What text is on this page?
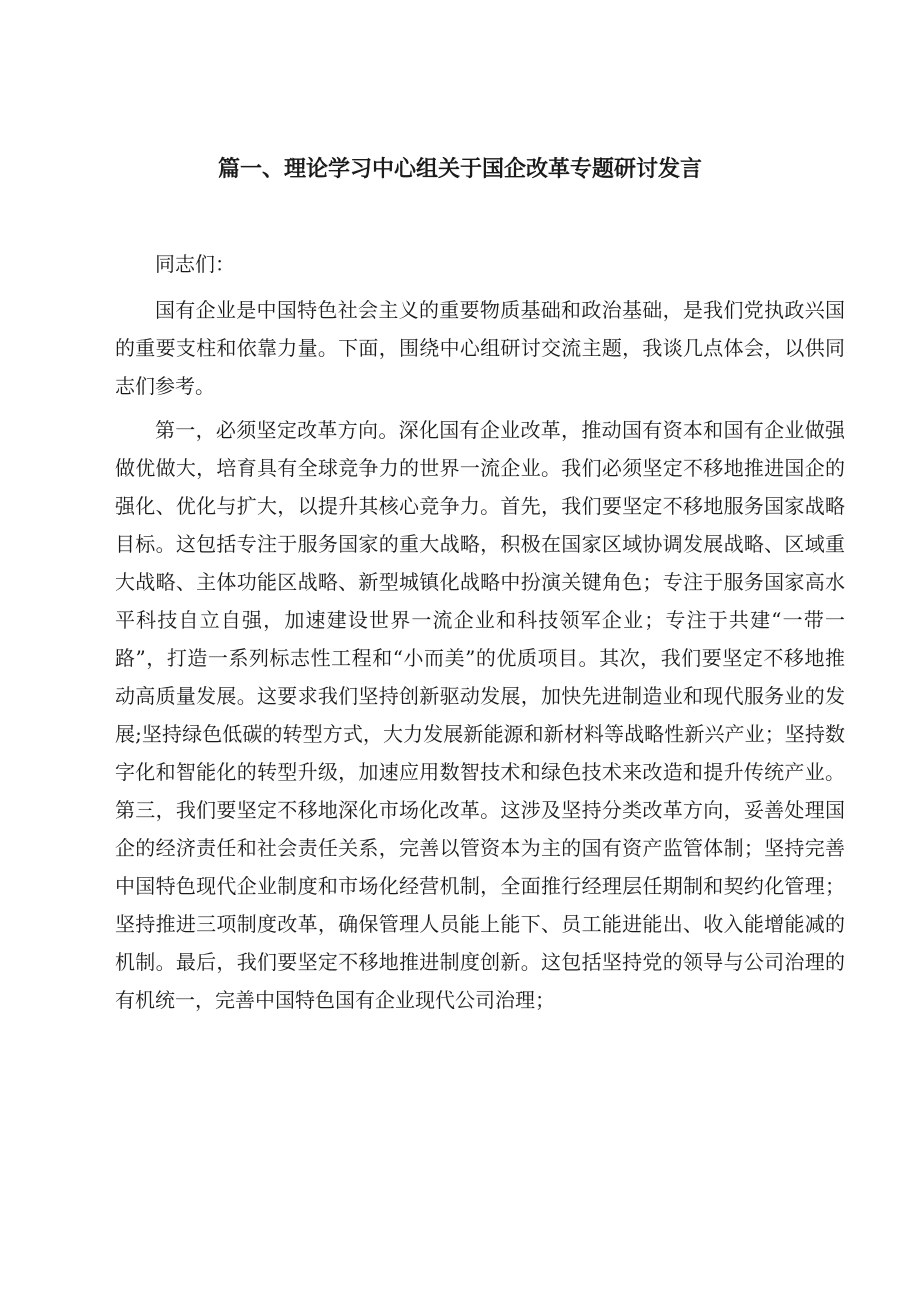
篇一、理论学习中心组关于国企改革专题研讨发言

同志们：

国有企业是中国特色社会主义的重要物质基础和政治基础，是我们党执政兴国的重要支柱和依靠力量。下面，围绕中心组研讨交流主题，我谈几点体会，以供同志们参考。

第一，必须坚定改革方向。深化国有企业改革，推动国有资本和国有企业做强做优做大，培育具有全球竞争力的世界一流企业。我们必须坚定不移地推进国企的强化、优化与扩大，以提升其核心竞争力。首先，我们要坚定不移地服务国家战略目标。这包括专注于服务国家的重大战略，积极在国家区域协调发展战略、区域重大战略、主体功能区战略、新型城镇化战略中扮演关键角色；专注于服务国家高水平科技自立自强，加速建设世界一流企业和科技领军企业；专注于共建“一带一路”，打造一系列标志性工程和“小而美”的优质项目。其次，我们要坚定不移地推动高质量发展。这要求我们坚持创新驱动发展，加快先进制造业和现代服务业的发展;坚持绿色低碳的转型方式，大力发展新能源和新材料等战略性新兴产业；坚持数字化和智能化的转型升级，加速应用数智技术和绿色技术来改造和提升传统产业。第三，我们要坚定不移地深化市场化改革。这涉及坚持分类改革方向，妥善处理国企的经济责任和社会责任关系，完善以管资本为主的国有资产监管体制；坚持完善中国特色现代企业制度和市场化经营机制，全面推行经理层任期制和契约化管理；坚持推进三项制度改革，确保管理人员能上能下、员工能进能出、收入能增能减的机制。最后，我们要坚定不移地推进制度创新。这包括坚持党的领导与公司治理的有机统一，完善中国特色国有企业现代公司治理；
